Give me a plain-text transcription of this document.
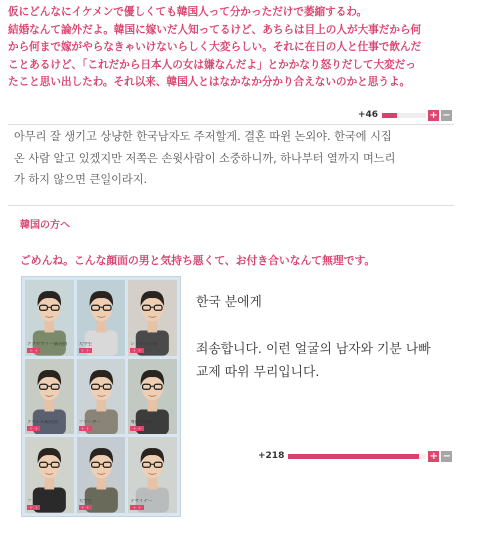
仮にどんなにイケメンで優しくても韓国人って分かっただけで萎縮するわ。

結婚なんて論外だよ。韓国に嫁いだ人知ってるけど、あちらは目上の人が大事だから何

から何まで嫁がやらなきゃいけないらしく大変らしい。それに在日の人と仕事で飲んだ

ことあるけど、「これだから日本人の女は嫌なんだよ」とかかなり怒りだして大変だっ

たこと思い出したわ。それ以来、韓国人とはなかなか分かり合えないのかと思うよ。

+46	+ −

아무리 잘 생기고 상냥한 한국남자도 주저할게. 결혼 따윈 논외야. 한국에 시집

온 사람 알고 있겠지만 저쪽은 손윗사람이 소중하니까, 하나부터 열까지 며느리

가 하지 않으면 큰일이라지.

韓国の方へ
ごめんね。こんな顔面の男と気持ち悪くて、お付き合いなんて無理です。
アクセサリー販売員
＋ ＋
大学生
＋ ＋
ショップ店員
＋ ＋
アパレル販売員
＋ ＋
フリーター
＋ ＋
専門学校生
＋ ＋
ファッション好き
＋ ＋
大学生
＋ ＋
デザイナー
＋ ＋

한국 분에게

죄송합니다. 이런 얼굴의 남자와 기분 나빠

교제 따위 무리입니다.

+218	+ −
